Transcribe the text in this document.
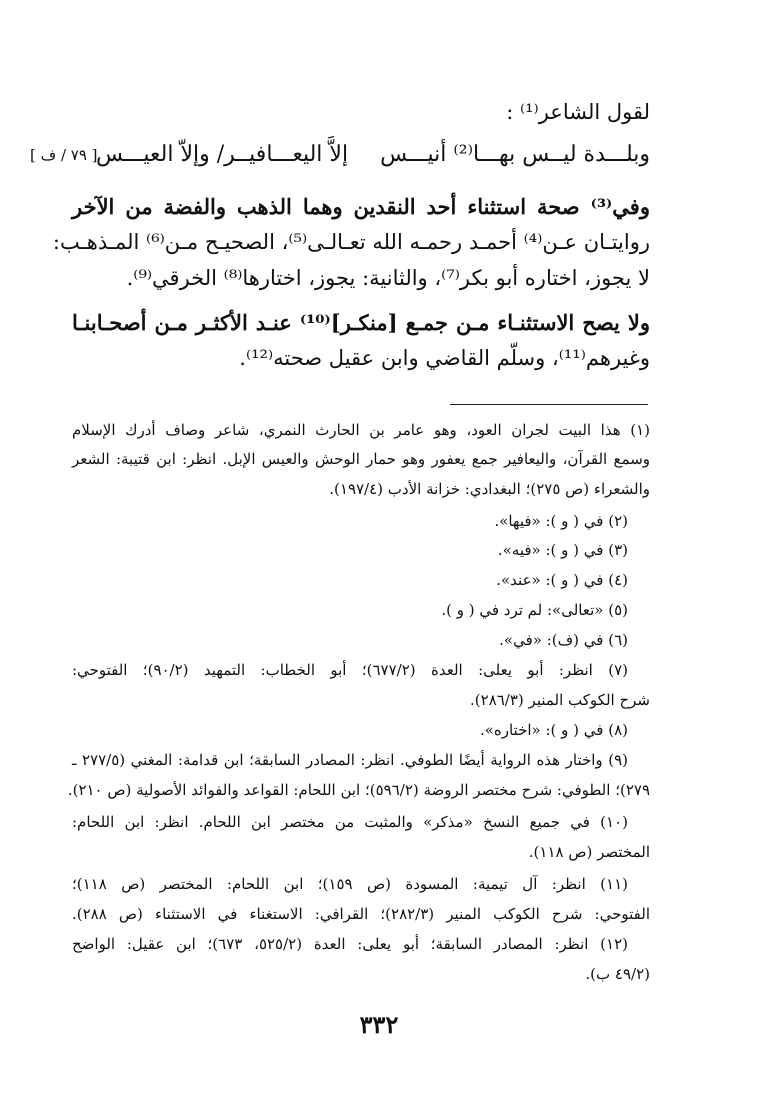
لقول الشاعر⁽¹⁾ :
وبلـــدة ليــس بهـــا⁽²⁾ أنيـــس
إلاَّ اليعـــافيــر/ وإلاّ العيـــس
[ ٧٩ / ف ]
وفي⁽³⁾ صحة استثناء أحد النقدين وهما الذهب والفضة من الآخر
روايتـان عـن⁽⁴⁾ أحمـد رحمـه الله تعـالـى⁽⁵⁾، الصحيـح مـن⁽⁶⁾ المـذهـب:
لا يجوز، اختاره أبو بكر⁽⁷⁾، والثانية: يجوز، اختارها⁽⁸⁾ الخرقي⁽⁹⁾.
ولا يصح الاستثنـاء مـن جمـع [منكـر]⁽¹⁰⁾ عنـد الأكثـر مـن أصحـابنـا
وغيرهم⁽¹¹⁾، وسلّم القاضي وابن عقيل صحته⁽¹²⁾.
(١) هذا البيت لجران العود، وهو عامر بن الحارث النمري، شاعر وصاف أدرك الإسلام
وسمع القرآن، واليعافير جمع يعفور وهو حمار الوحش والعيس الإبل. انظر: ابن قتيبة: الشعر
والشعراء (ص ٢٧٥)؛ البغدادي: خزانة الأدب (١٩٧/٤).
(٢) في ( و ): «فيها».
(٣) في ( و ): «فيه».
(٤) في ( و ): «عند».
(٥) «تعالى»: لم ترد في ( و ).
(٦) في (ف): «في».
(٧) انظر: أبو يعلى: العدة (٦٧٧/٢)؛ أبو الخطاب: التمهيد (٩٠/٢)؛ الفتوحي:
شرح الكوكب المنير (٢٨٦/٣).
(٨) في ( و ): «اختاره».
(٩) واختار هذه الرواية أيضًا الطوفي. انظر: المصادر السابقة؛ ابن قدامة: المغني (٢٧٧/٥ ـ
٢٧٩)؛ الطوفي: شرح مختصر الروضة (٥٩٦/٢)؛ ابن اللحام: القواعد والفوائد الأصولية (ص ٢١٠).
(١٠) في جميع النسخ «مذكر» والمثبت من مختصر ابن اللحام. انظر: ابن اللحام:
المختصر (ص ١١٨).
(١١) انظر: آل تيمية: المسودة (ص ١٥٩)؛ ابن اللحام: المختصر (ص ١١٨)؛
الفتوحي: شرح الكوكب المنير (٢٨٢/٣)؛ القرافي: الاستغناء في الاستثناء (ص ٢٨٨).
(١٢) انظر: المصادر السابقة؛ أبو يعلى: العدة (٥٢٥/٢، ٦٧٣)؛ ابن عقيل: الواضح
(٤٩/٢ ب).
٣٣٢
